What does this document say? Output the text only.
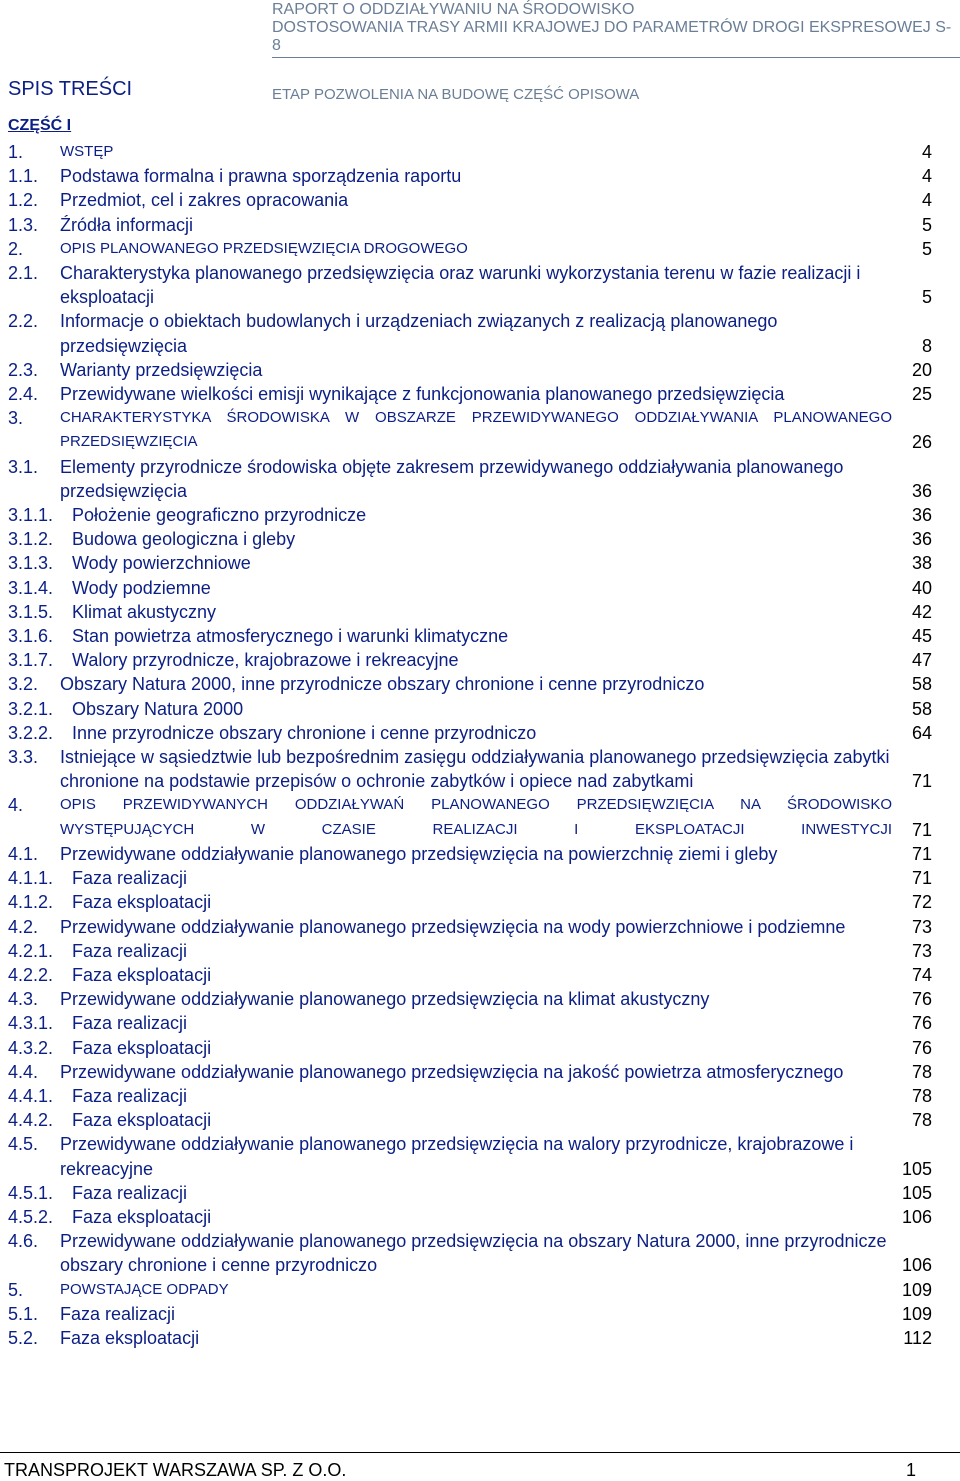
RAPORT O ODDZIAŁYWANIU NA ŚRODOWISKO
DOSTOSOWANIA TRASY ARMII KRAJOWEJ DO PARAMETRÓW DROGI EKSPRESOWEJ S-8
ETAP POZWOLENIA NA BUDOWĘ CZĘŚĆ OPISOWA
SPIS TREŚCI
CZĘŚĆ I
1. WSTĘP	4
1.1. Podstawa formalna i prawna sporządzenia raportu	4
1.2. Przedmiot, cel i zakres opracowania	4
1.3. Źródła informacji	5
2. OPIS PLANOWANEGO PRZEDSIĘWZIĘCIA DROGOWEGO	5
2.1. Charakterystyka planowanego przedsięwzięcia oraz warunki wykorzystania terenu w fazie realizacji i eksploatacji	5
2.2. Informacje o obiektach budowlanych i urządzeniach związanych z realizacją planowanego przedsięwzięcia	8
2.3. Warianty przedsięwzięcia	20
2.4. Przewidywane wielkości emisji wynikające z funkcjonowania planowanego przedsięwzięcia	25
3. CHARAKTERYSTYKA ŚRODOWISKA W OBSZARZE PRZEWIDYWANEGO ODDZIAŁYWANIA PLANOWANEGO PRZEDSIĘWZIĘCIA	26
3.1. Elementy przyrodnicze środowiska objęte zakresem przewidywanego oddziaływania planowanego przedsięwzięcia	36
3.1.1. Położenie geograficzno przyrodnicze	36
3.1.2. Budowa geologiczna i gleby	36
3.1.3. Wody powierzchniowe	38
3.1.4. Wody podziemne	40
3.1.5. Klimat akustyczny	42
3.1.6. Stan powietrza atmosferycznego i warunki klimatyczne	45
3.1.7. Walory przyrodnicze, krajobrazowe i rekreacyjne	47
3.2. Obszary Natura 2000, inne przyrodnicze obszary chronione i cenne przyrodniczo	58
3.2.1. Obszary Natura 2000	58
3.2.2. Inne przyrodnicze obszary chronione i cenne przyrodniczo	64
3.3. Istniejące w sąsiedztwie lub bezpośrednim zasięgu oddziaływania planowanego przedsięwzięcia zabytki chronione na podstawie przepisów o ochronie zabytków i opiece nad zabytkami	71
4. OPIS PRZEWIDYWANYCH ODDZIAŁYWAŃ PLANOWANEGO PRZEDSIĘWZIĘCIA NA ŚRODOWISKO WYSTĘPUJĄCYCH W CZASIE REALIZACJI I EKSPLOATACJI INWESTYCJI 71
4.1. Przewidywane oddziaływanie planowanego przedsięwzięcia na powierzchnię ziemi i gleby	71
4.1.1. Faza realizacji	71
4.1.2. Faza eksploatacji	72
4.2. Przewidywane oddziaływanie planowanego przedsięwzięcia na wody powierzchniowe i podziemne	73
4.2.1. Faza realizacji	73
4.2.2. Faza eksploatacji	74
4.3. Przewidywane oddziaływanie planowanego przedsięwzięcia na klimat akustyczny	76
4.3.1. Faza realizacji	76
4.3.2. Faza eksploatacji	76
4.4. Przewidywane oddziaływanie planowanego przedsięwzięcia na jakość powietrza atmosferycznego	78
4.4.1. Faza realizacji	78
4.4.2. Faza eksploatacji	78
4.5. Przewidywane oddziaływanie planowanego przedsięwzięcia na walory przyrodnicze, krajobrazowe i rekreacyjne	105
4.5.1. Faza realizacji	105
4.5.2. Faza eksploatacji	106
4.6. Przewidywane oddziaływanie planowanego przedsięwzięcia na obszary Natura 2000, inne przyrodnicze obszary chronione i cenne przyrodniczo	106
5. POWSTAJĄCE ODPADY	109
5.1. Faza realizacji	109
5.2. Faza eksploatacji	112
TRANSPROJEKT WARSZAWA SP. Z O.O.	1
